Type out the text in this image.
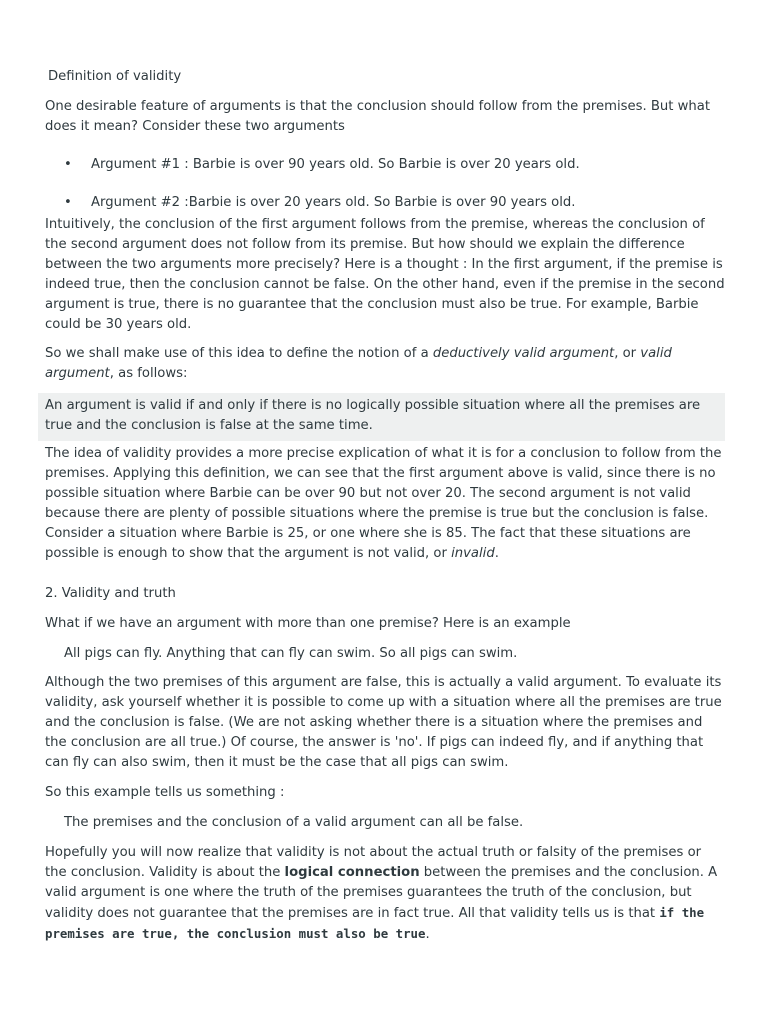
Definition of validity

One desirable feature of arguments is that the conclusion should follow from the premises. But what does it mean? Consider these two arguments

• Argument #1 : Barbie is over 90 years old. So Barbie is over 20 years old.
• Argument #2 :Barbie is over 20 years old. So Barbie is over 90 years old.

Intuitively, the conclusion of the first argument follows from the premise, whereas the conclusion of the second argument does not follow from its premise. But how should we explain the difference between the two arguments more precisely? Here is a thought : In the first argument, if the premise is indeed true, then the conclusion cannot be false. On the other hand, even if the premise in the second argument is true, there is no guarantee that the conclusion must also be true. For example, Barbie could be 30 years old.

So we shall make use of this idea to define the notion of a deductively valid argument, or valid argument, as follows:

An argument is valid if and only if there is no logically possible situation where all the premises are true and the conclusion is false at the same time.

The idea of validity provides a more precise explication of what it is for a conclusion to follow from the premises. Applying this definition, we can see that the first argument above is valid, since there is no possible situation where Barbie can be over 90 but not over 20. The second argument is not valid because there are plenty of possible situations where the premise is true but the conclusion is false. Consider a situation where Barbie is 25, or one where she is 85. The fact that these situations are possible is enough to show that the argument is not valid, or invalid.

2. Validity and truth

What if we have an argument with more than one premise? Here is an example

All pigs can fly. Anything that can fly can swim. So all pigs can swim.

Although the two premises of this argument are false, this is actually a valid argument. To evaluate its validity, ask yourself whether it is possible to come up with a situation where all the premises are true and the conclusion is false. (We are not asking whether there is a situation where the premises and the conclusion are all true.) Of course, the answer is 'no'. If pigs can indeed fly, and if anything that can fly can also swim, then it must be the case that all pigs can swim.

So this example tells us something :

The premises and the conclusion of a valid argument can all be false.

Hopefully you will now realize that validity is not about the actual truth or falsity of the premises or the conclusion. Validity is about the logical connection between the premises and the conclusion. A valid argument is one where the truth of the premises guarantees the truth of the conclusion, but validity does not guarantee that the premises are in fact true. All that validity tells us is that if the premises are true, the conclusion must also be true.
